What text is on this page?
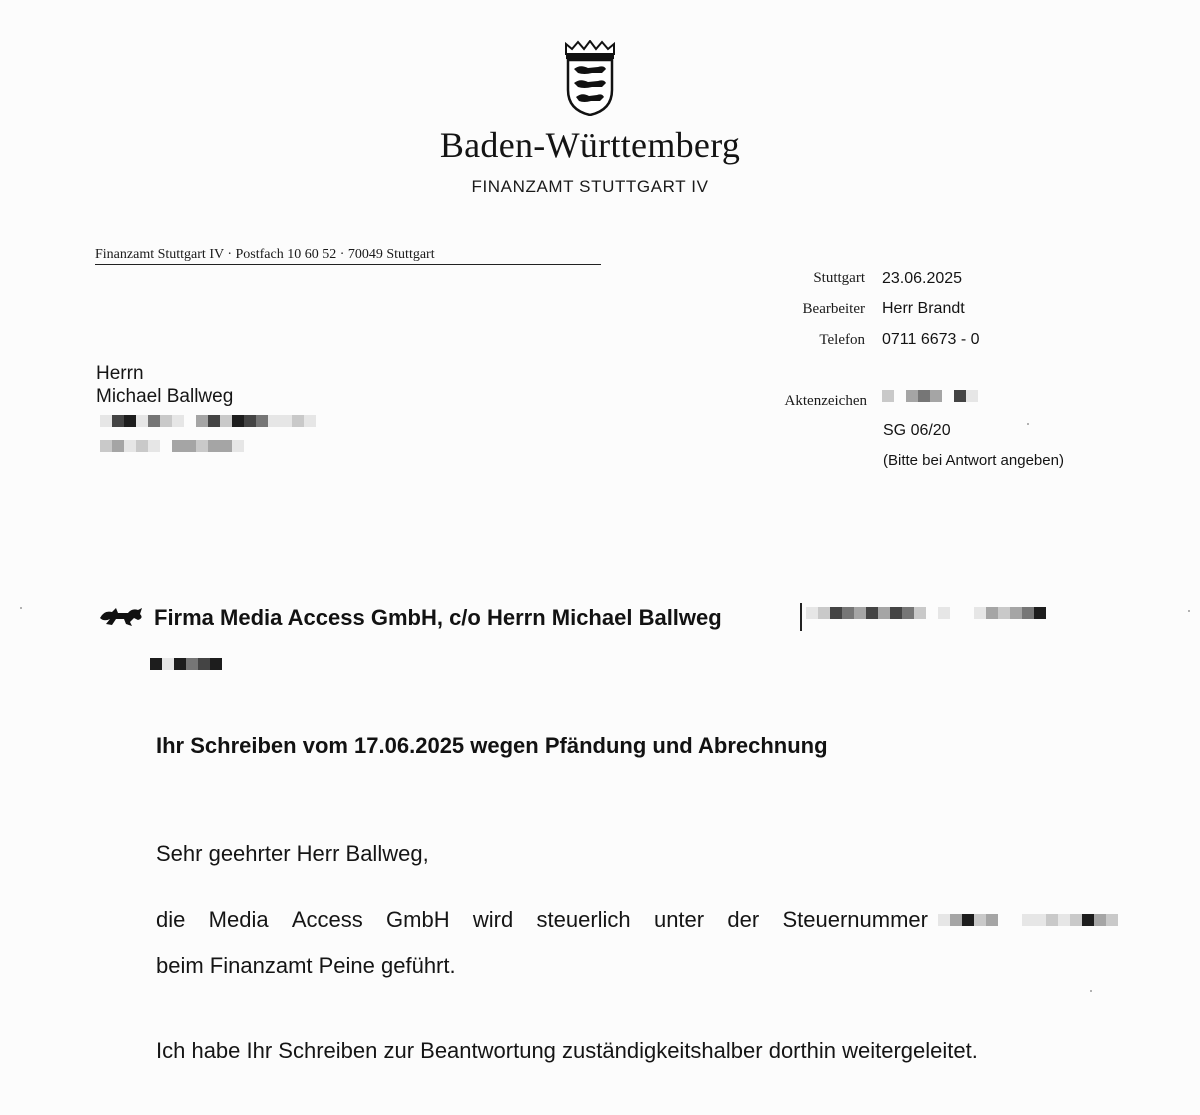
Baden-Württemberg
FINANZAMT STUTTGART IV
Finanzamt Stuttgart IV · Postfach 10 60 52 · 70049 Stuttgart
Stuttgart 23.06.2025
Bearbeiter Herr Brandt
Telefon 0711 6673 - 0
Aktenzeichen
SG 06/20
(Bitte bei Antwort angeben)
Herrn
Michael Ballweg
Firma Media Access GmbH, c/o Herrn Michael Ballweg
Ihr Schreiben vom 17.06.2025 wegen Pfändung und Abrechnung
Sehr geehrter Herr Ballweg,
die Media Access GmbH wird steuerlich unter der Steuernummer
beim Finanzamt Peine geführt.
Ich habe Ihr Schreiben zur Beantwortung zuständigkeitshalber dorthin weitergeleitet.
